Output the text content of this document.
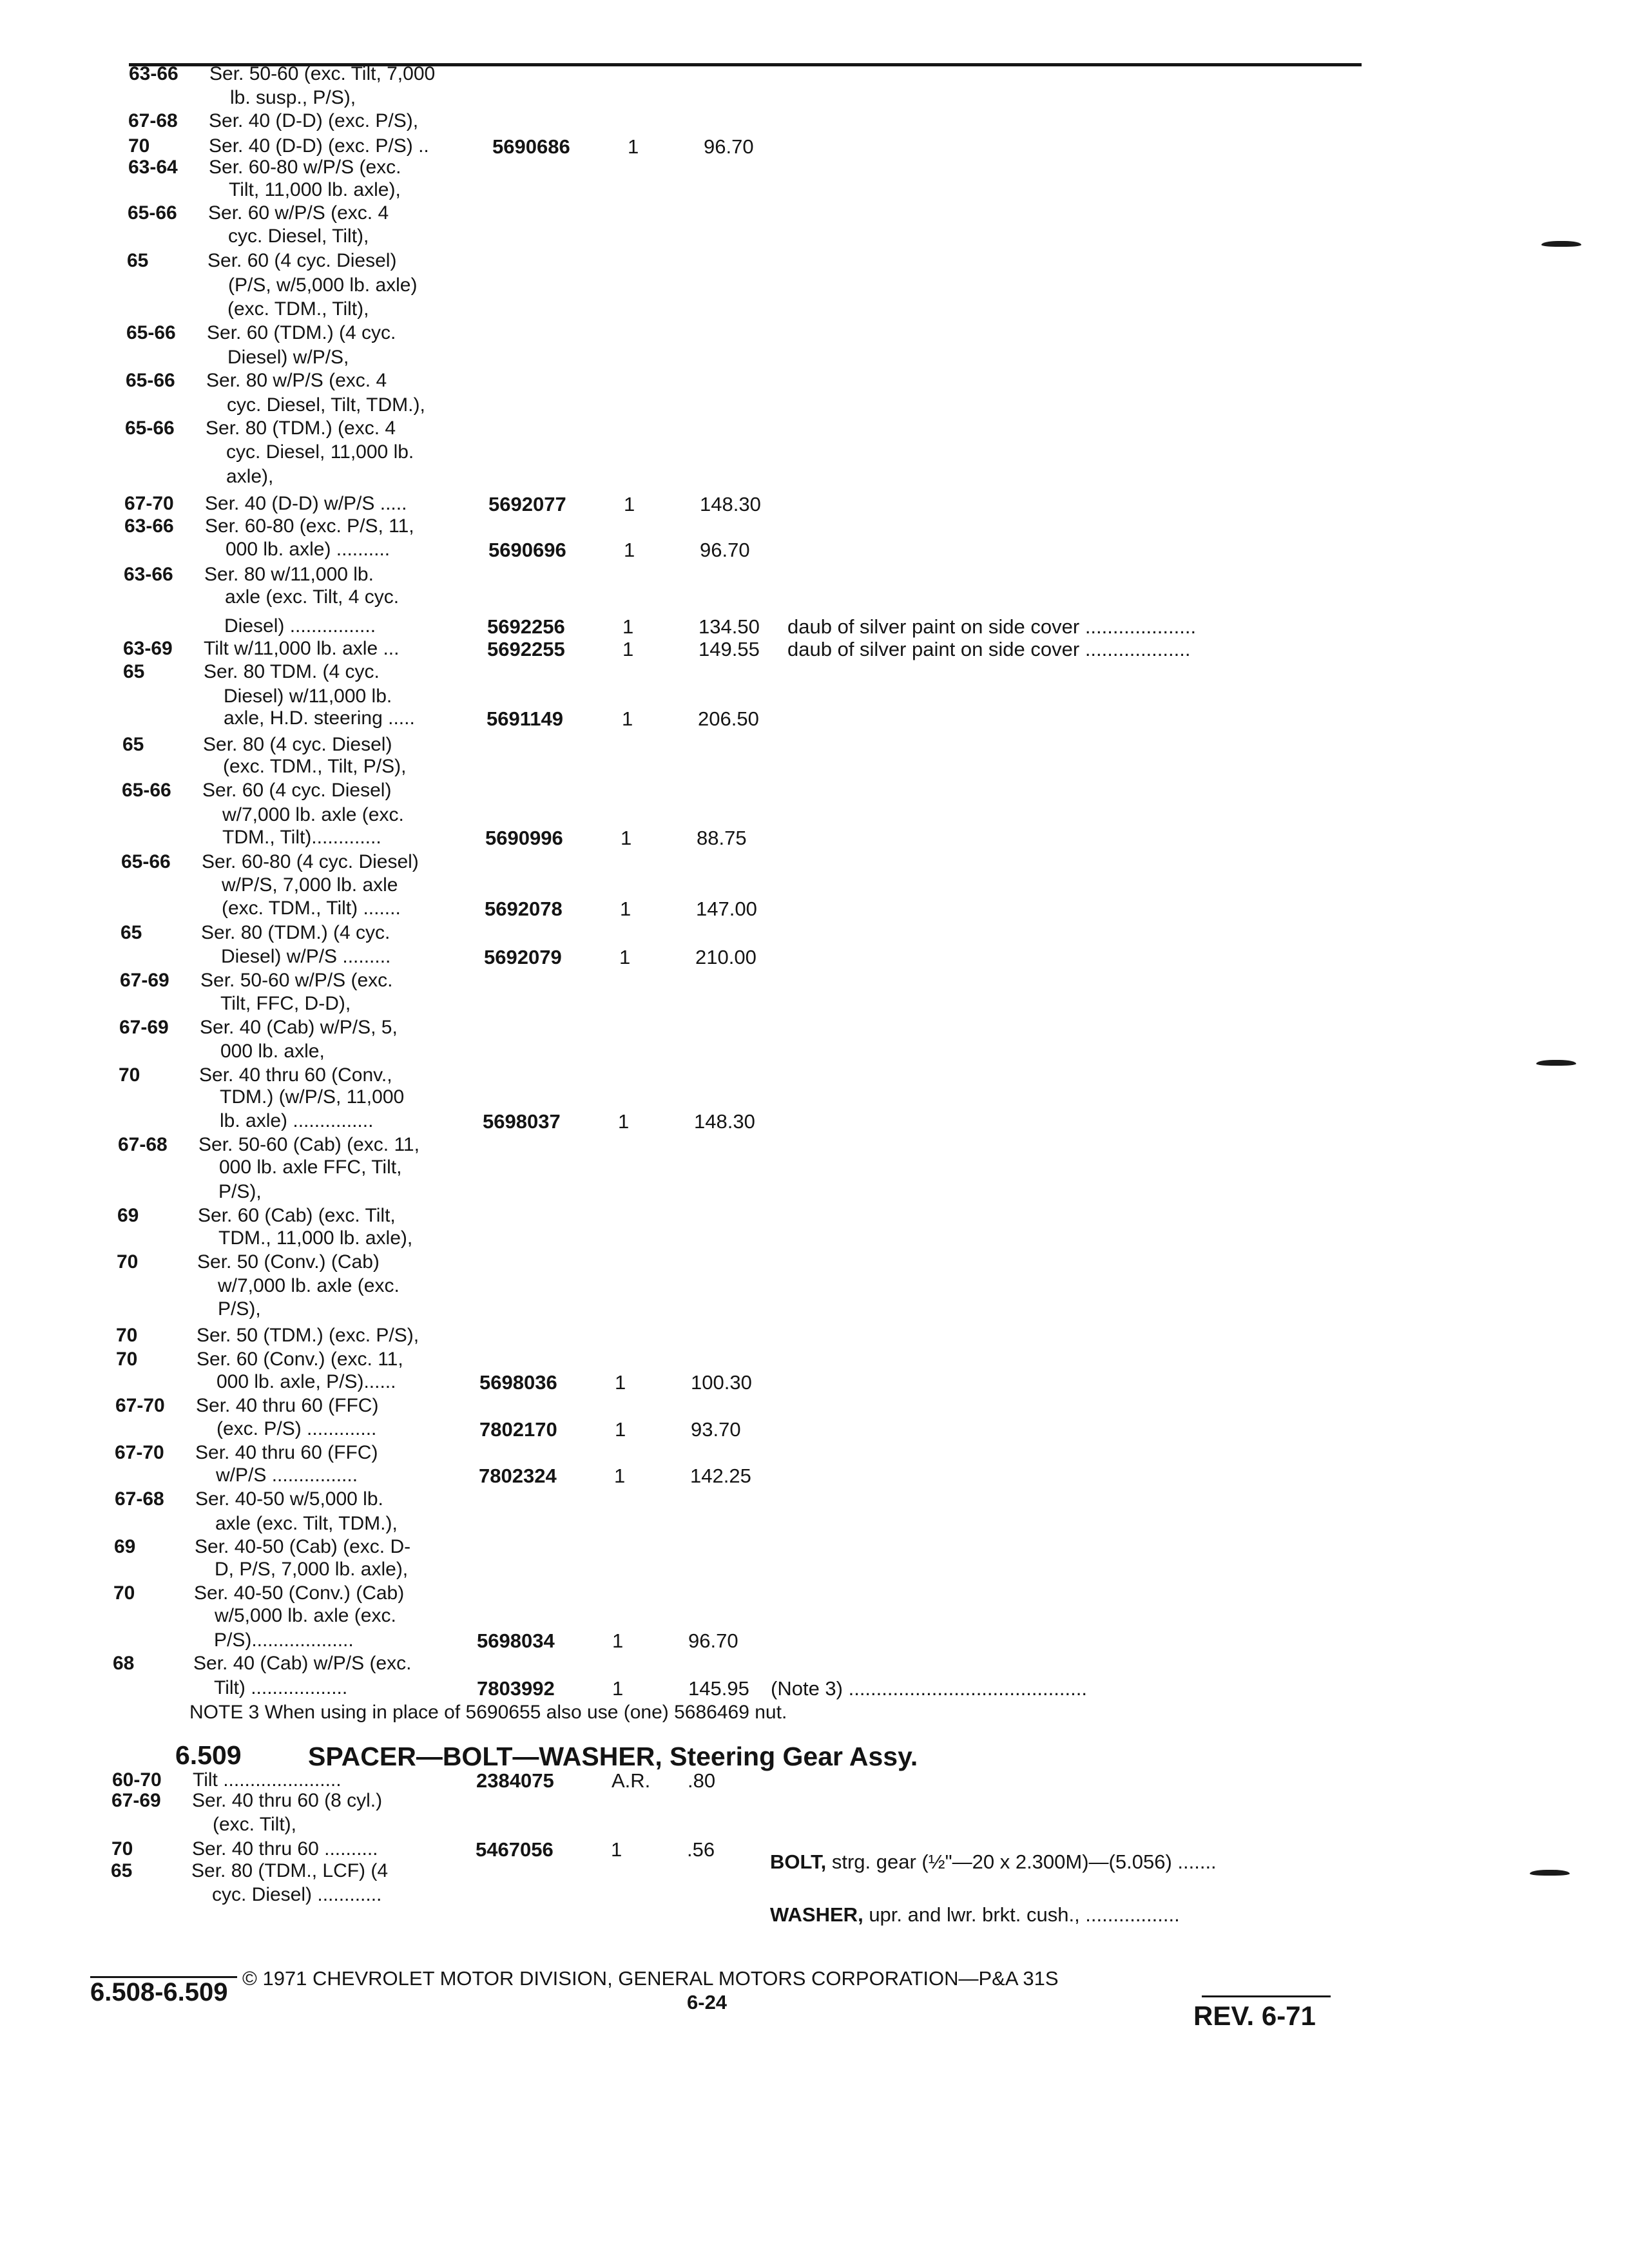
63-66 Ser. 50-60 (exc. Tilt, 7,000
lb. susp., P/S),
67-68 Ser. 40 (D-D) (exc. P/S),
70	Ser. 40 (D-D) (exc. P/S) ..	5690686	1	96.70
63-64 Ser. 60-80 w/P/S (exc.
Tilt, 11,000 lb. axle),
65-66 Ser. 60 w/P/S (exc. 4
cyc. Diesel, Tilt),
65	Ser. 60 (4 cyc. Diesel)
(P/S, w/5,000 lb. axle)
(exc. TDM., Tilt),
65-66 Ser. 60 (TDM.) (4 cyc.
Diesel) w/P/S,
65-66 Ser. 80 w/P/S (exc. 4
cyc. Diesel, Tilt, TDM.),
65-66 Ser. 80 (TDM.) (exc. 4
cyc. Diesel, 11,000 lb.
axle),
67-70 Ser. 40 (D-D) w/P/S .....	5692077	1	148.30
63-66 Ser. 60-80 (exc. P/S, 11,
000 lb. axle) ..........	5690696	1	96.70
63-66 Ser. 80 w/11,000 lb.
axle (exc. Tilt, 4 cyc.
Diesel) ................	5692256	1	134.50 daub of silver paint on side cover ....................
63-69 Tilt w/11,000 lb. axle ...	5692255	1	149.55 daub of silver paint on side cover ...................
65	Ser. 80 TDM. (4 cyc.
Diesel) w/11,000 lb.
axle, H.D. steering .....	5691149	1	206.50
65	Ser. 80 (4 cyc. Diesel)
(exc. TDM., Tilt, P/S),
65-66 Ser. 60 (4 cyc. Diesel)
w/7,000 lb. axle (exc.
TDM., Tilt).............	5690996	1	88.75
65-66 Ser. 60-80 (4 cyc. Diesel)
w/P/S, 7,000 lb. axle
(exc. TDM., Tilt) .......	5692078	1	147.00
65	Ser. 80 (TDM.) (4 cyc.
Diesel) w/P/S .........	5692079	1	210.00
67-69 Ser. 50-60 w/P/S (exc.
Tilt, FFC, D-D),
67-69 Ser. 40 (Cab) w/P/S, 5,
000 lb. axle,
70	Ser. 40 thru 60 (Conv.,
TDM.) (w/P/S, 11,000
lb. axle) ...............	5698037	1	148.30
67-68 Ser. 50-60 (Cab) (exc. 11,
000 lb. axle FFC, Tilt,
P/S),
69	Ser. 60 (Cab) (exc. Tilt,
TDM., 11,000 lb. axle),
70	Ser. 50 (Conv.) (Cab)
w/7,000 lb. axle (exc.
P/S),
70	Ser. 50 (TDM.) (exc. P/S),
70	Ser. 60 (Conv.) (exc. 11,
000 lb. axle, P/S)......	5698036	1	100.30
67-70 Ser. 40 thru 60 (FFC)
(exc. P/S) .............	7802170	1	93.70
67-70 Ser. 40 thru 60 (FFC)
w/P/S ................	7802324	1	142.25
67-68 Ser. 40-50 w/5,000 lb.
axle (exc. Tilt, TDM.),
69	Ser. 40-50 (Cab) (exc. D-
D, P/S, 7,000 lb. axle),
70	Ser. 40-50 (Conv.) (Cab)
w/5,000 lb. axle (exc.
P/S)...................	5698034	1	96.70
68	Ser. 40 (Cab) w/P/S (exc.
Tilt) ..................	7803992	1	145.95 (Note 3) ...........................................
NOTE 3 When using in place of 5690655 also use (one) 5686469 nut.
60-70 Tilt ......................	2384075	A.R. .80
67-69 Ser. 40 thru 60 (8 cyl.)
(exc. Tilt),
70	Ser. 40 thru 60 ..........	5467056	1	.56
65	Ser. 80 (TDM., LCF) (4
cyc. Diesel) ............
6.509	SPACER—BOLT—WASHER, Steering Gear Assy.
BOLT, strg. gear (½"—20 x 2.300M)—(5.056) .......
WASHER, upr. and lwr. brkt. cush., .................
© 1971 CHEVROLET MOTOR DIVISION, GENERAL MOTORS CORPORATION—P&A 31S
6.508-6.509	6-24	REV. 6-71
